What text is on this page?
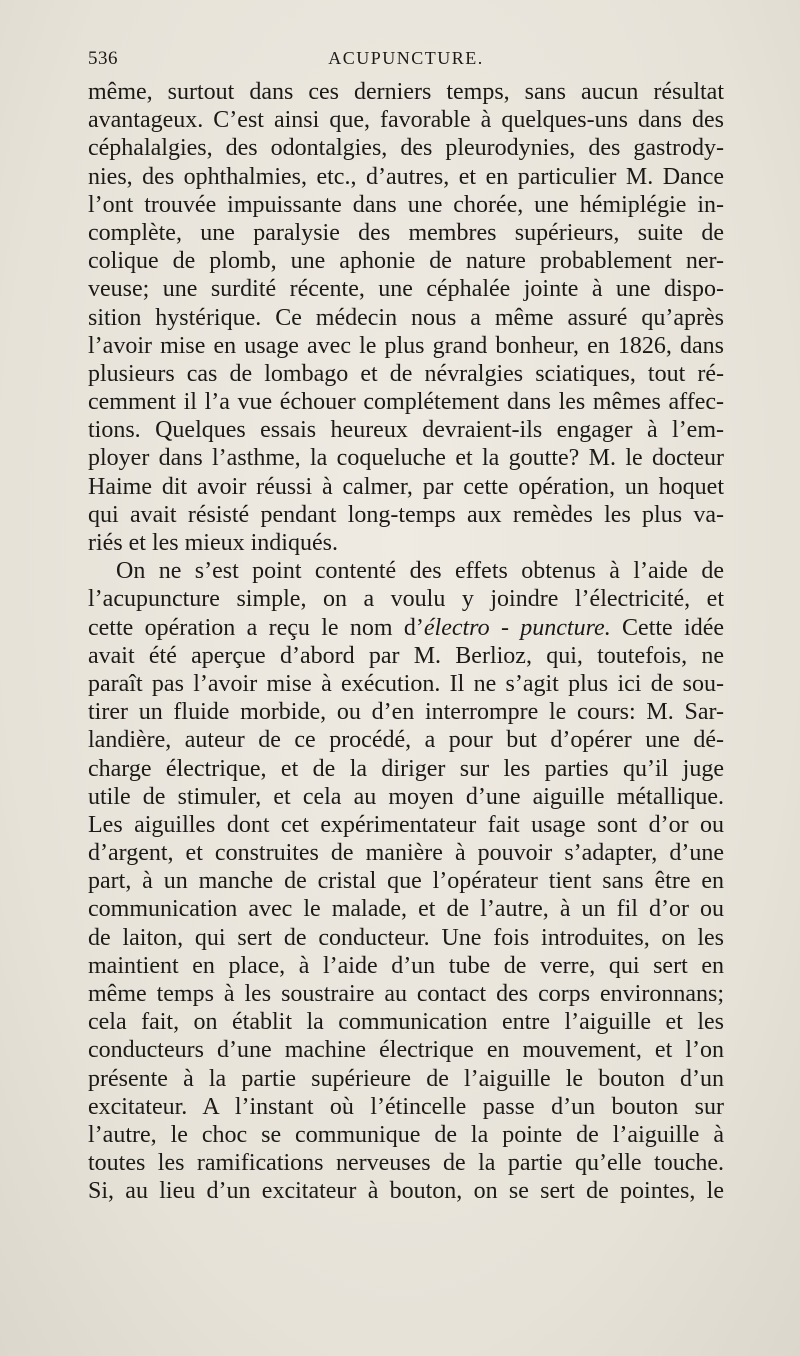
536	ACUPUNCTURE.
même, surtout dans ces derniers temps, sans aucun résultat
avantageux. C’est ainsi que, favorable à quelques-uns dans des
céphalalgies, des odontalgies, des pleurodynies, des gastrody-
nies, des ophthalmies, etc., d’autres, et en particulier M. Dance
l’ont trouvée impuissante dans une chorée, une hémiplégie in-
complète, une paralysie des membres supérieurs, suite de
colique de plomb, une aphonie de nature probablement ner-
veuse; une surdité récente, une céphalée jointe à une dispo-
sition hystérique. Ce médecin nous a même assuré qu’après
l’avoir mise en usage avec le plus grand bonheur, en 1826, dans
plusieurs cas de lombago et de névralgies sciatiques, tout ré-
cemment il l’a vue échouer complétement dans les mêmes affec-
tions. Quelques essais heureux devraient-ils engager à l’em-
ployer dans l’asthme, la coqueluche et la goutte? M. le docteur
Haime dit avoir réussi à calmer, par cette opération, un hoquet
qui avait résisté pendant long-temps aux remèdes les plus va-
riés et les mieux indiqués.
On ne s’est point contenté des effets obtenus à l’aide de
l’acupuncture simple, on a voulu y joindre l’électricité, et
cette opération a reçu le nom d’électro - puncture. Cette idée
avait été aperçue d’abord par M. Berlioz, qui, toutefois, ne
paraît pas l’avoir mise à exécution. Il ne s’agit plus ici de sou-
tirer un fluide morbide, ou d’en interrompre le cours: M. Sar-
landière, auteur de ce procédé, a pour but d’opérer une dé-
charge électrique, et de la diriger sur les parties qu’il juge
utile de stimuler, et cela au moyen d’une aiguille métallique.
Les aiguilles dont cet expérimentateur fait usage sont d’or ou
d’argent, et construites de manière à pouvoir s’adapter, d’une
part, à un manche de cristal que l’opérateur tient sans être en
communication avec le malade, et de l’autre, à un fil d’or ou
de laiton, qui sert de conducteur. Une fois introduites, on les
maintient en place, à l’aide d’un tube de verre, qui sert en
même temps à les soustraire au contact des corps environnans;
cela fait, on établit la communication entre l’aiguille et les
conducteurs d’une machine électrique en mouvement, et l’on
présente à la partie supérieure de l’aiguille le bouton d’un
excitateur. A l’instant où l’étincelle passe d’un bouton sur
l’autre, le choc se communique de la pointe de l’aiguille à
toutes les ramifications nerveuses de la partie qu’elle touche.
Si, au lieu d’un excitateur à bouton, on se sert de pointes, le
